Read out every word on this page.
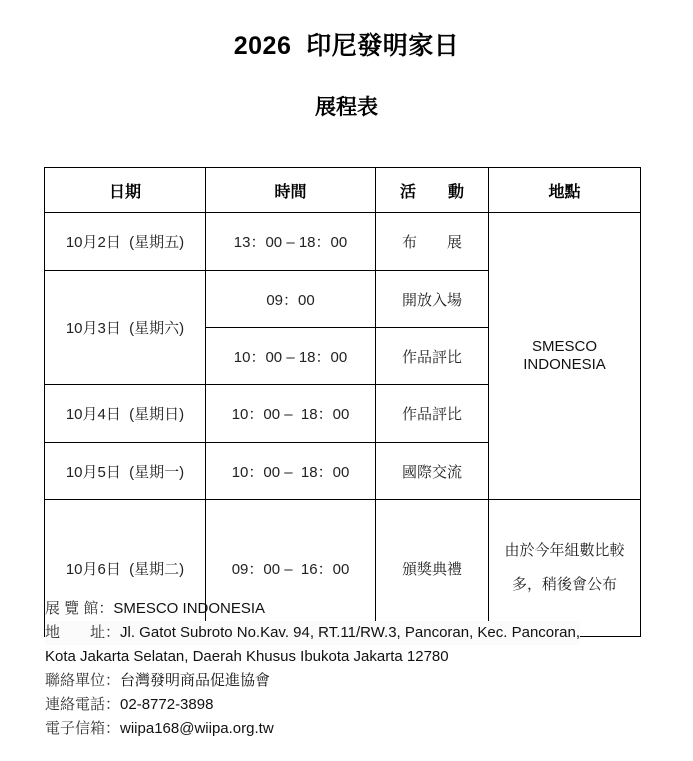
2026  印尼發明家日
展程表
日期	時間	活　　動	地點
10月2日  (星期五)	13：00 – 18：00	布　　展	SMESCO
INDONESIA

10月3日  (星期六)	09：00	開放入場	
	10：00 – 18：00	作品評比	
10月4日  (星期日)	10：00 –  18：00	作品評比	
10月5日  (星期一)	10：00 –  18：00	國際交流	
10月6日  (星期二)	09：00 –  16：00	頒獎典禮	由於今年組數比較
多，稍後會公布

展 覽 館：SMESCO INDONESIA
地　　址：Jl. Gatot Subroto No.Kav. 94, RT.11/RW.3, Pancoran, Kec. Pancoran,
Kota Jakarta Selatan, Daerah Khusus Ibukota Jakarta 12780
聯絡單位：台灣發明商品促進協會
連絡電話：02-8772-3898
電子信箱：wiipa168@wiipa.org.tw
